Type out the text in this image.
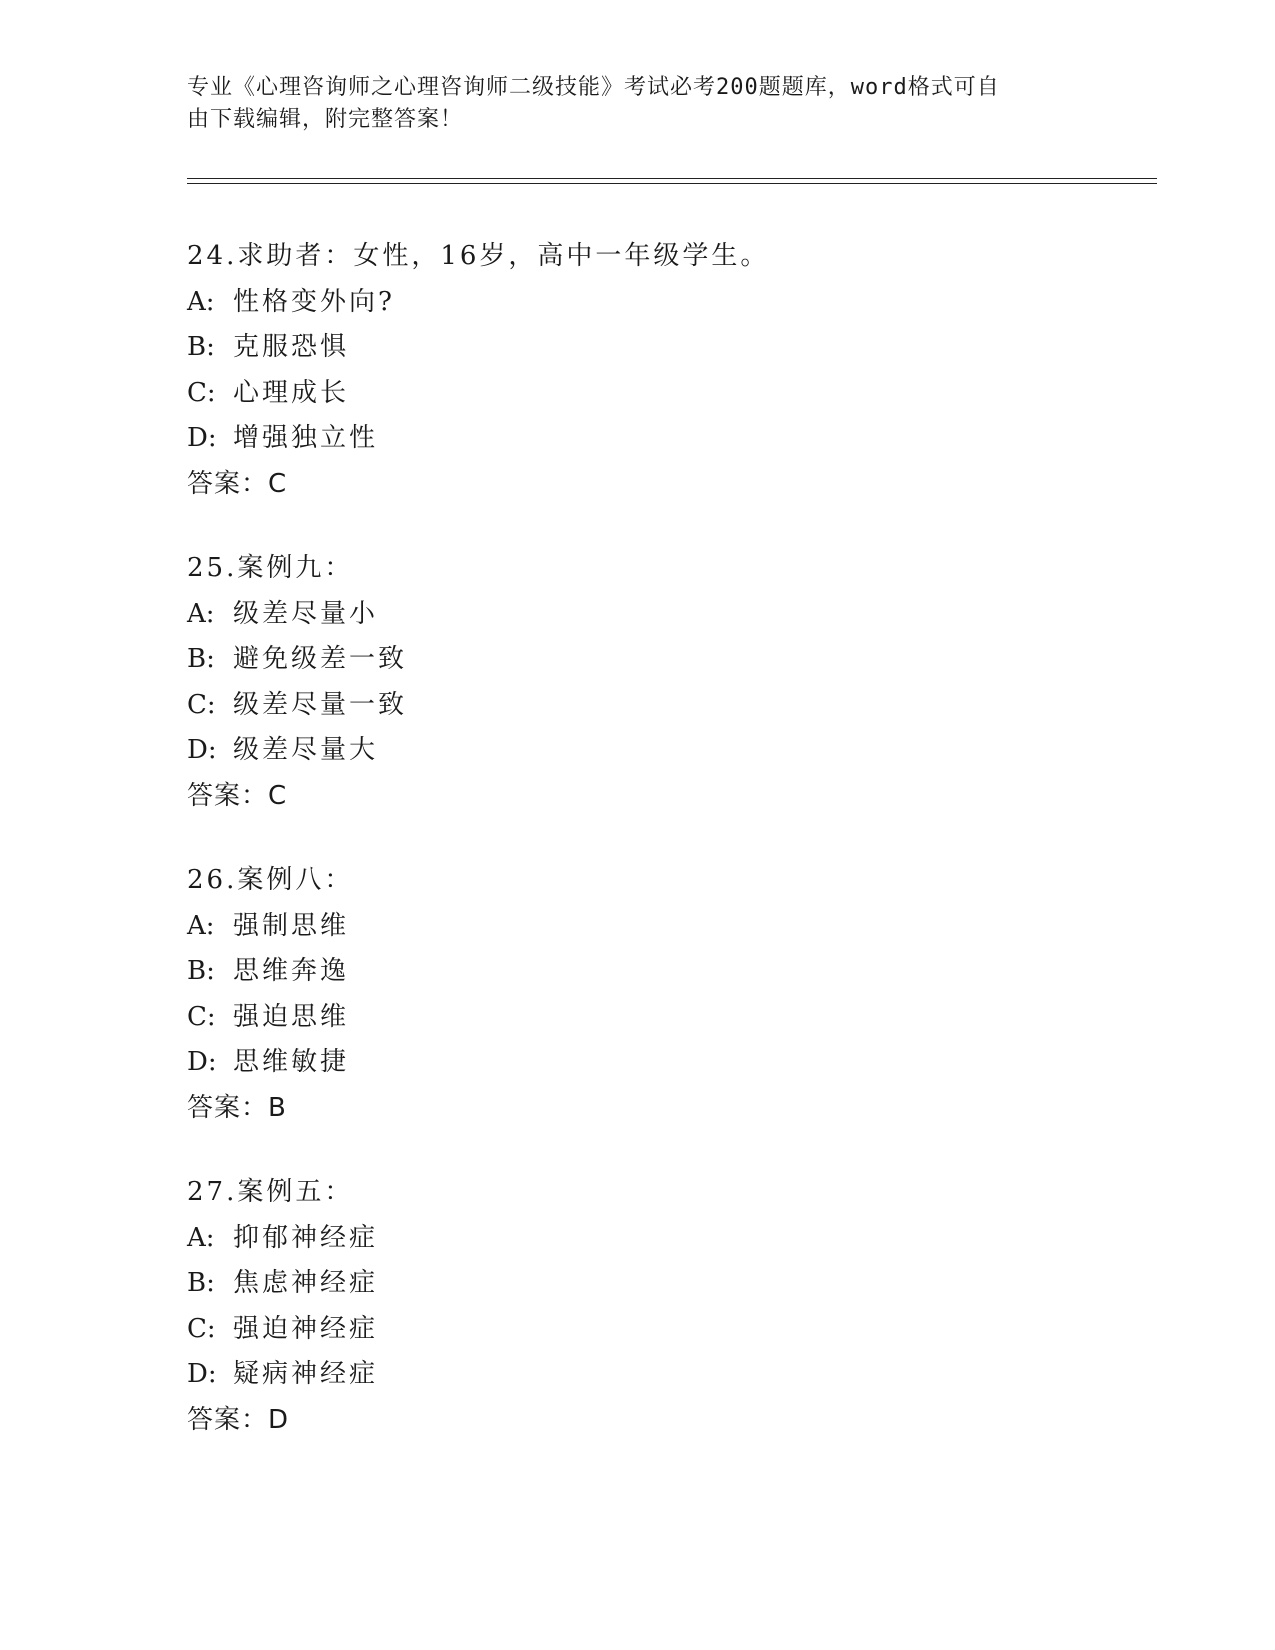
专业《心理咨询师之心理咨询师二级技能》考试必考200题题库，word格式可自
由下载编辑，附完整答案！
24.求助者：女性，16岁，高中一年级学生。
A: 性格变外向?
B: 克服恐惧
C: 心理成长
D: 增强独立性
答案：C
25.案例九：
A: 级差尽量小
B: 避免级差一致
C: 级差尽量一致
D: 级差尽量大
答案：C
26.案例八：
A: 强制思维
B: 思维奔逸
C: 强迫思维
D: 思维敏捷
答案：B
27.案例五：
A: 抑郁神经症
B: 焦虑神经症
C: 强迫神经症
D: 疑病神经症
答案：D
